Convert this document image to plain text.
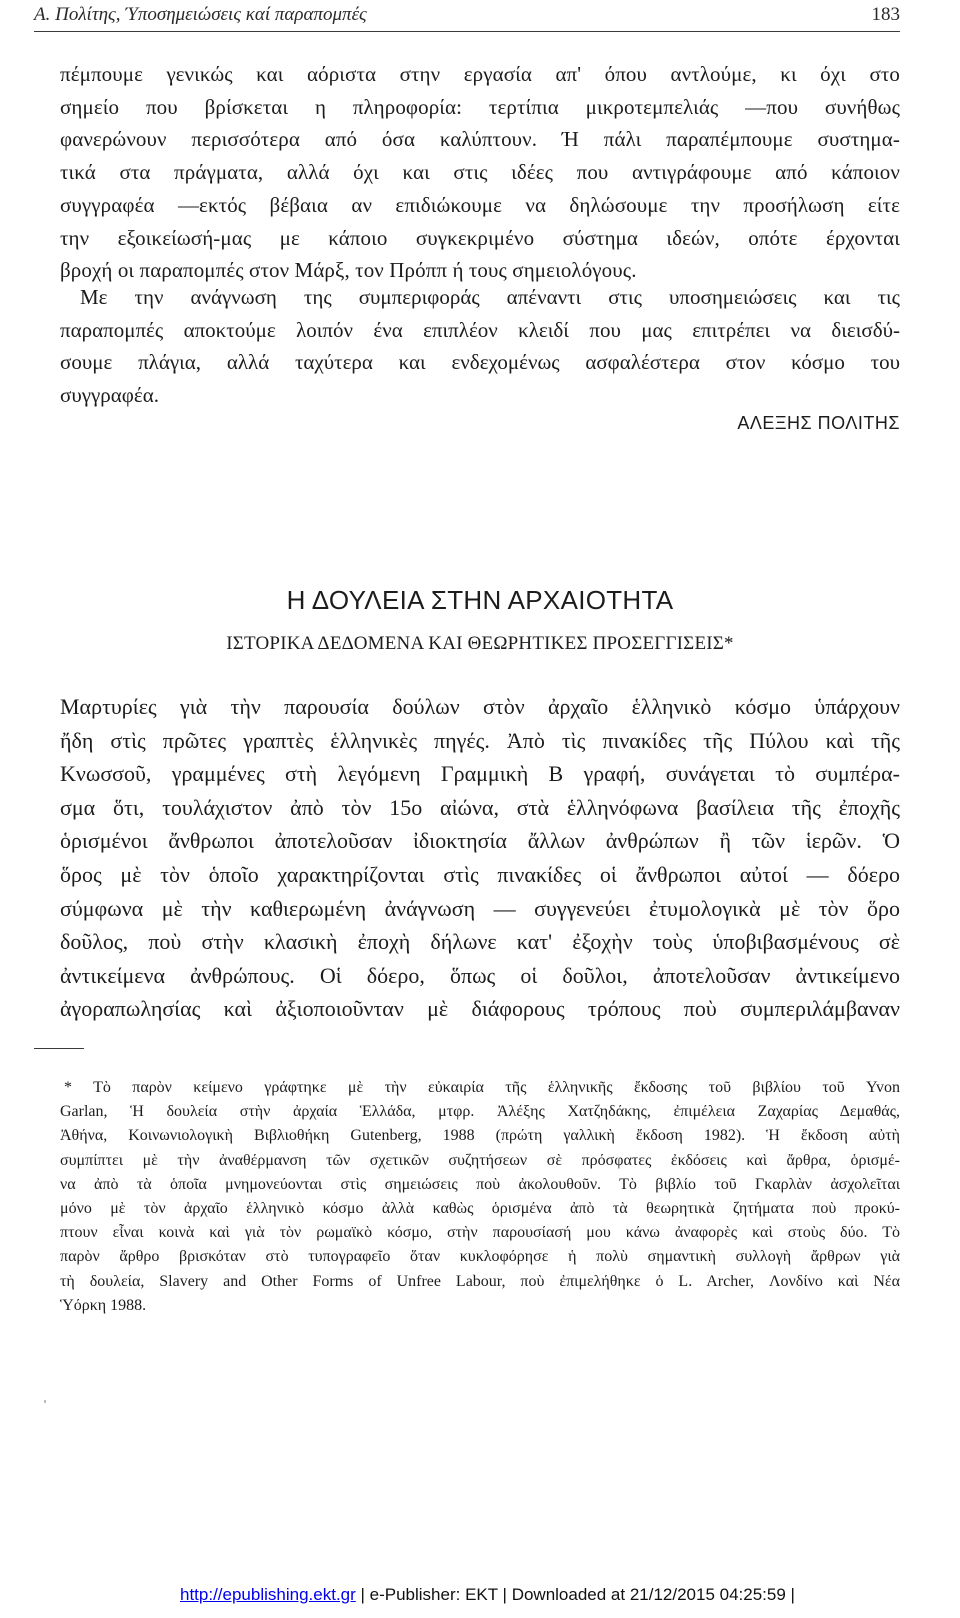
Α. Πολίτης, Ύποσημειώσεις καί παραπομπές	183
πέμπουμε γενικώς και αόριστα στην εργασία απ' όπου αντλούμε, κι όχι στο
σημείο που βρίσκεται η πληροφορία: τερτίπια μικροτεμπελιάς —που συνήθως
φανερώνουν περισσότερα από όσα καλύπτουν. Ή πάλι παραπέμπουμε συστημα-
τικά στα πράγματα, αλλά όχι και στις ιδέες που αντιγράφουμε από κάποιον
συγγραφέα —εκτός βέβαια αν επιδιώκουμε να δηλώσουμε την προσήλωση είτε
την εξοικείωσή-μας με κάποιο συγκεκριμένο σύστημα ιδεών, οπότε έρχονται
βροχή οι παραπομπές στον Μάρξ, τον Πρόππ ή τους σημειολόγους.
Με την ανάγνωση της συμπεριφοράς απέναντι στις υποσημειώσεις και τις
παραπομπές αποκτούμε λοιπόν ένα επιπλέον κλειδί που μας επιτρέπει να διεισδύ-
σουμε πλάγια, αλλά ταχύτερα και ενδεχομένως ασφαλέστερα στον κόσμο του
συγγραφέα.
ΑΛΕΞΗΣ ΠΟΛΙΤΗΣ
Η ΔΟΥΛΕΙΑ ΣΤΗΝ ΑΡΧΑΙΟΤΗΤΑ
ΙΣΤΟΡΙΚΑ ΔΕΔΟΜΕΝΑ ΚΑΙ ΘΕΩΡΗΤΙΚΕΣ ΠΡΟΣΕΓΓΙΣΕΙΣ*
Μαρτυρίες γιὰ τὴν παρουσία δούλων στὸν ἀρχαῖο ἑλληνικὸ κόσμο ὑπάρχουν
ἤδη στὶς πρῶτες γραπτὲς ἑλληνικὲς πηγές. Ἀπὸ τὶς πινακίδες τῆς Πύλου καὶ τῆς
Κνωσσοῦ, γραμμένες στὴ λεγόμενη Γραμμικὴ Β γραφή, συνάγεται τὸ συμπέρα-
σμα ὅτι, τουλάχιστον ἀπὸ τὸν 15ο αἰώνα, στὰ ἑλληνόφωνα βασίλεια τῆς ἐποχῆς
ὁρισμένοι ἄνθρωποι ἀποτελοῦσαν ἰδιοκτησία ἄλλων ἀνθρώπων ἢ τῶν ἱερῶν. Ὁ
ὅρος μὲ τὸν ὁποῖο χαρακτηρίζονται στὶς πινακίδες οἱ ἄνθρωποι αὐτοί — δόερο
σύμφωνα μὲ τὴν καθιερωμένη ἀνάγνωση — συγγενεύει ἐτυμολογικὰ μὲ τὸν ὅρο
δοῦλος, ποὺ στὴν κλασικὴ ἐποχὴ δήλωνε κατ' ἐξοχὴν τοὺς ὑποβιβασμένους σὲ
ἀντικείμενα ἀνθρώπους. Οἱ δόερο, ὅπως οἱ δοῦλοι, ἀποτελοῦσαν ἀντικείμενο
ἀγοραπωλησίας καὶ ἀξιοποιοῦνταν μὲ διάφορους τρόπους ποὺ συμπεριλάμβαναν
* Τὸ παρὸν κείμενο γράφτηκε μὲ τὴν εὐκαιρία τῆς ἑλληνικῆς ἔκδοσης τοῦ βιβλίου τοῦ Yvon
Garlan, Ἡ δουλεία στὴν ἀρχαία Ἑλλάδα, μτφρ. Ἀλέξης Χατζηδάκης, ἐπιμέλεια Ζαχαρίας Δεμαθάς,
Ἀθήνα, Κοινωνιολογικὴ Βιβλιοθήκη Gutenberg, 1988 (πρώτη γαλλικὴ ἔκδοση 1982). Ἡ ἔκδοση αὐτὴ
συμπίπτει μὲ τὴν ἀναθέρμανση τῶν σχετικῶν συζητήσεων σὲ πρόσφατες ἐκδόσεις καὶ ἄρθρα, ὁρισμέ-
να ἀπὸ τὰ ὁποῖα μνημονεύονται στὶς σημειώσεις ποὺ ἀκολουθοῦν. Τὸ βιβλίο τοῦ Γκαρλὰν ἀσχολεῖται
μόνο μὲ τὸν ἀρχαῖο ἑλληνικὸ κόσμο ἀλλὰ καθὼς ὁρισμένα ἀπὸ τὰ θεωρητικὰ ζητήματα ποὺ προκύ-
πτουν εἶναι κοινὰ καὶ γιὰ τὸν ρωμαϊκὸ κόσμο, στὴν παρουσίασή μου κάνω ἀναφορὲς καὶ στοὺς δύο. Τὸ
παρὸν ἄρθρο βρισκόταν στὸ τυπογραφεῖο ὅταν κυκλοφόρησε ἡ πολὺ σημαντικὴ συλλογὴ ἄρθρων γιὰ
τὴ δουλεία, Slavery and Other Forms of Unfree Labour, ποὺ ἐπιμελήθηκε ὁ L. Archer, Λονδίνο καὶ Νέα
Ὑόρκη 1988.
http://epublishing.ekt.gr | e-Publisher: EKT | Downloaded at 21/12/2015 04:25:59 |
